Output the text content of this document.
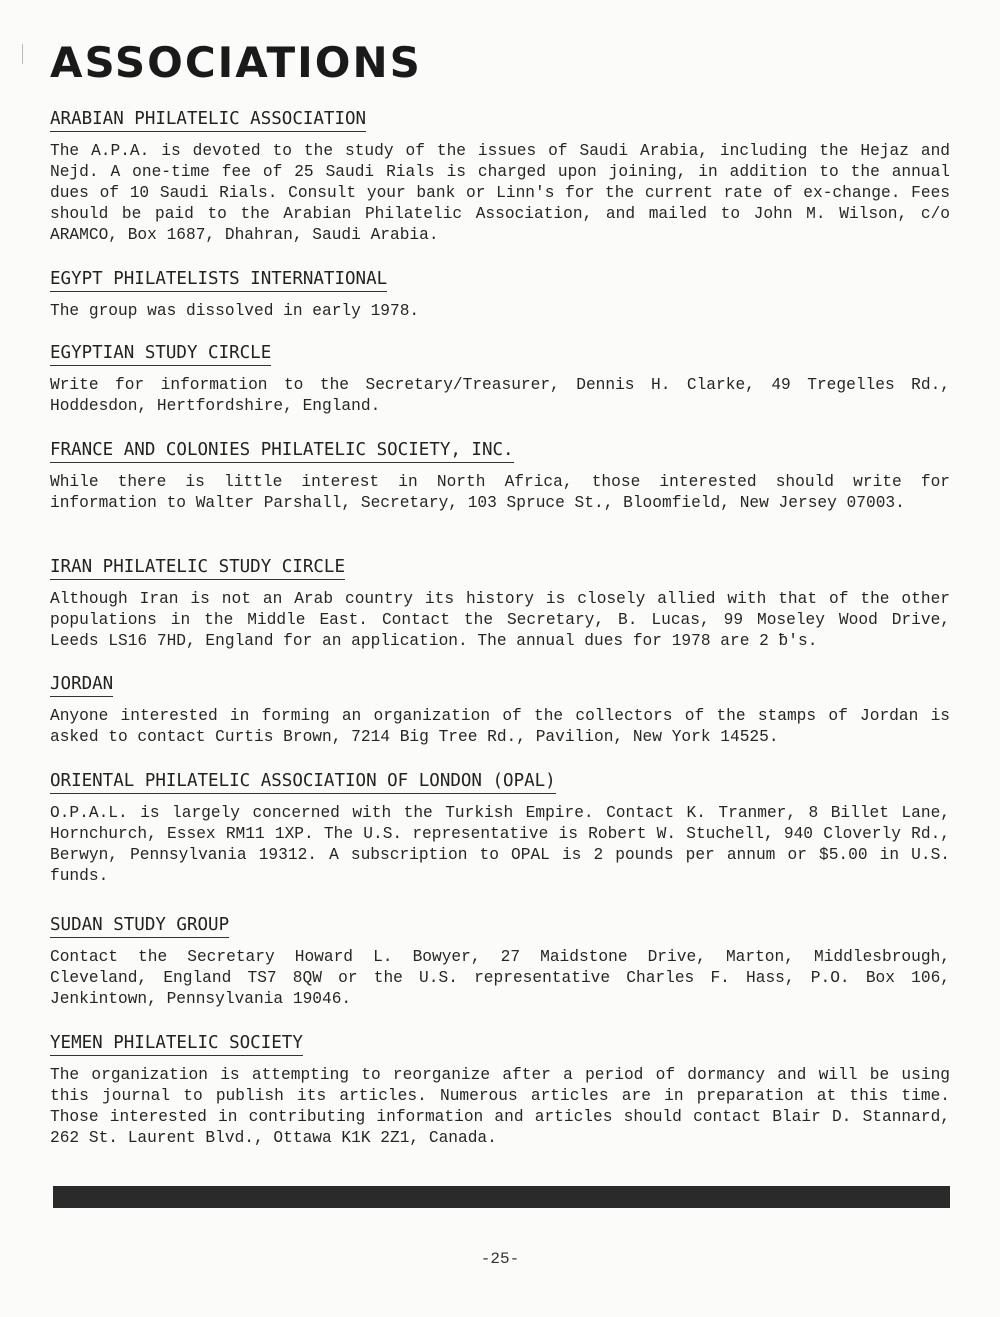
ASSOCIATIONS
ARABIAN PHILATELIC ASSOCIATION

The A.P.A. is devoted to the study of the issues of Saudi Arabia, including the Hejaz and Nejd. A one-time fee of 25 Saudi Rials is charged upon joining, in addition to the annual dues of 10 Saudi Rials. Consult your bank or Linn's for the current rate of ex-change. Fees should be paid to the Arabian Philatelic Association, and mailed to John M. Wilson, c/o ARAMCO, Box 1687, Dhahran, Saudi Arabia.

EGYPT PHILATELISTS INTERNATIONAL

The group was dissolved in early 1978.

EGYPTIAN STUDY CIRCLE

Write for information to the Secretary/Treasurer, Dennis H. Clarke, 49 Tregelles Rd., Hoddesdon, Hertfordshire, England.

FRANCE AND COLONIES PHILATELIC SOCIETY, INC.

While there is little interest in North Africa, those interested should write for information to Walter Parshall, Secretary, 103 Spruce St., Bloomfield, New Jersey 07003.

IRAN PHILATELIC STUDY CIRCLE

Although Iran is not an Arab country its history is closely allied with that of the other populations in the Middle East. Contact the Secretary, B. Lucas, 99 Moseley Wood Drive, Leeds LS16 7HD, England for an application. The annual dues for 1978 are 2 ƀ's.

JORDAN

Anyone interested in forming an organization of the collectors of the stamps of Jordan is asked to contact Curtis Brown, 7214 Big Tree Rd., Pavilion, New York 14525.

ORIENTAL PHILATELIC ASSOCIATION OF LONDON (OPAL)

O.P.A.L. is largely concerned with the Turkish Empire. Contact K. Tranmer, 8 Billet Lane, Hornchurch, Essex RM11 1XP. The U.S. representative is Robert W. Stuchell, 940 Cloverly Rd., Berwyn, Pennsylvania 19312. A subscription to OPAL is 2 pounds per annum or $5.00 in U.S. funds.

SUDAN STUDY GROUP

Contact the Secretary Howard L. Bowyer, 27 Maidstone Drive, Marton, Middlesbrough, Cleveland, England TS7 8QW or the U.S. representative Charles F. Hass, P.O. Box 106, Jenkintown, Pennsylvania 19046.

YEMEN PHILATELIC SOCIETY

The organization is attempting to reorganize after a period of dormancy and will be using this journal to publish its articles. Numerous articles are in preparation at this time. Those interested in contributing information and articles should contact Blair D. Stannard, 262 St. Laurent Blvd., Ottawa K1K 2Z1, Canada.

-25-
